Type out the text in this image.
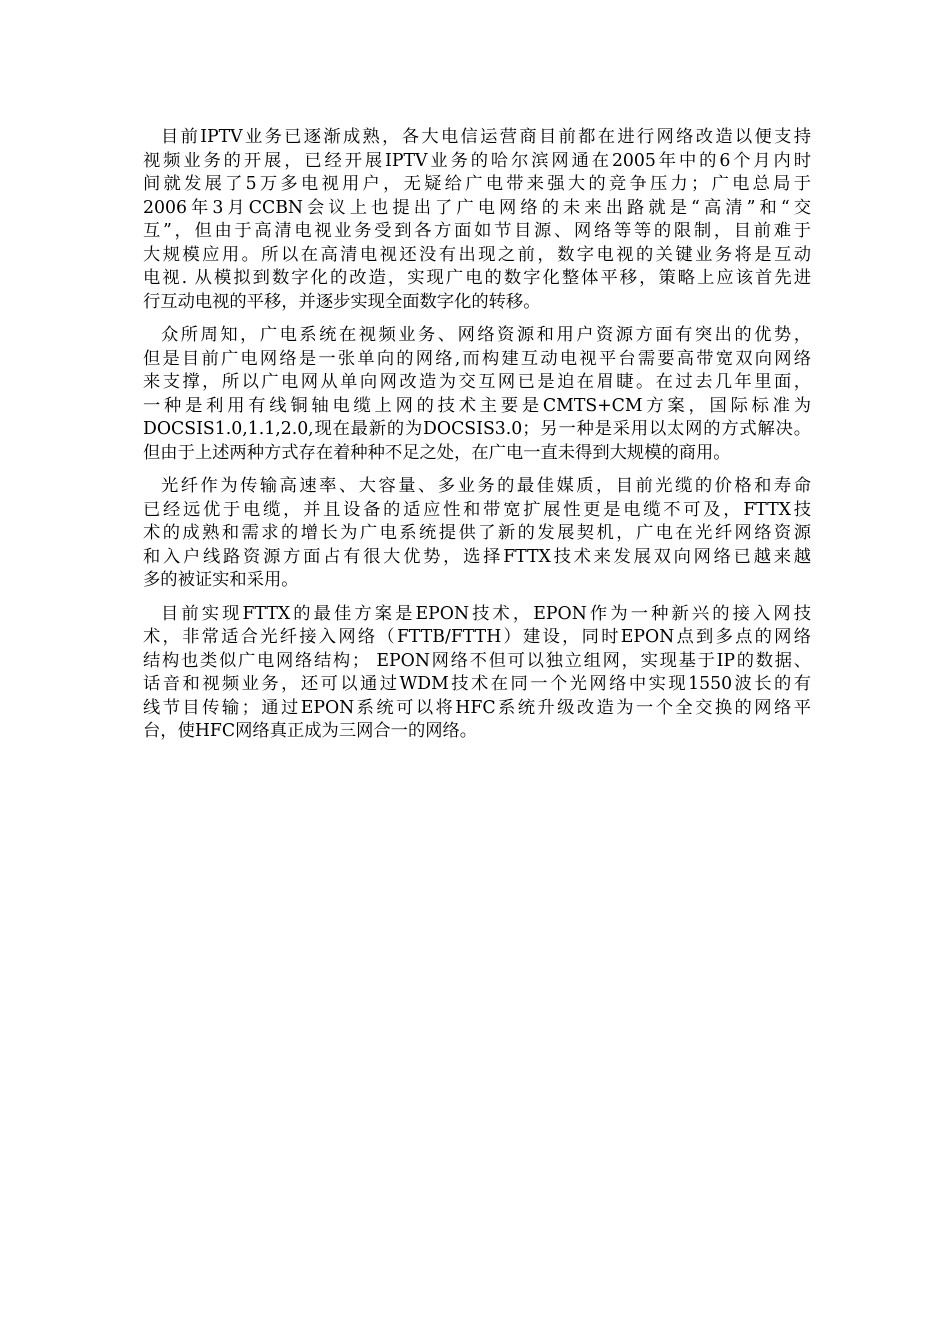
目前IPTV业务已逐渐成熟，各大电信运营商目前都在进行网络改造以便支持
视频业务的开展，已经开展IPTV业务的哈尔滨网通在2005年中的6个月内时
间就发展了5万多电视用户，无疑给广电带来强大的竞争压力；广电总局于
2006年3月CCBN会议上也提出了广电网络的未来出路就是“高清”和“交
互”，但由于高清电视业务受到各方面如节目源、网络等等的限制，目前难于
大规模应用。所以在高清电视还没有出现之前，数字电视的关键业务将是互动
电视. 从模拟到数字化的改造，实现广电的数字化整体平移，策略上应该首先进
行互动电视的平移，并逐步实现全面数字化的转移。
众所周知，广电系统在视频业务、网络资源和用户资源方面有突出的优势，
但是目前广电网络是一张单向的网络,而构建互动电视平台需要高带宽双向网络
来支撑，所以广电网从单向网改造为交互网已是迫在眉睫。在过去几年里面，
一种是利用有线铜轴电缆上网的技术主要是CMTS+CM方案，国际标准为
DOCSIS1.0,1.1,2.0,现在最新的为DOCSIS3.0；另一种是采用以太网的方式解决。
但由于上述两种方式存在着种种不足之处，在广电一直未得到大规模的商用。
光纤作为传输高速率、大容量、多业务的最佳媒质，目前光缆的价格和寿命
已经远优于电缆，并且设备的适应性和带宽扩展性更是电缆不可及，FTTX技
术的成熟和需求的增长为广电系统提供了新的发展契机，广电在光纤网络资源
和入户线路资源方面占有很大优势，选择FTTX技术来发展双向网络已越来越
多的被证实和采用。
目前实现FTTX的最佳方案是EPON技术，EPON作为一种新兴的接入网技
术，非常适合光纤接入网络（FTTB/FTTH）建设，同时EPON点到多点的网络
结构也类似广电网络结构； EPON网络不但可以独立组网，实现基于IP的数据、
话音和视频业务，还可以通过WDM技术在同一个光网络中实现1550波长的有
线节目传输；通过EPON系统可以将HFC系统升级改造为一个全交换的网络平
台，使HFC网络真正成为三网合一的网络。
